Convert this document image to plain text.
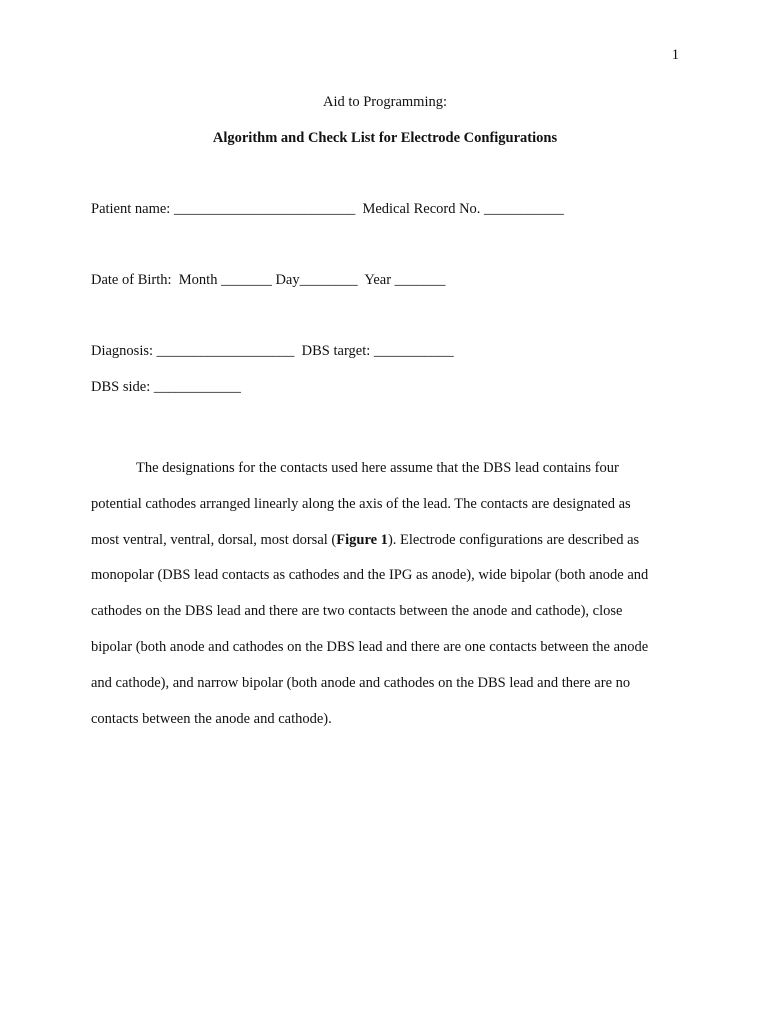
1
Aid to Programming:
Algorithm and Check List for Electrode Configurations
Patient name: _________________________  Medical Record No. ___________
Date of Birth:  Month _______ Day________  Year _______
Diagnosis: ___________________  DBS target: ___________
DBS side: ____________
The designations for the contacts used here assume that the DBS lead contains four
potential cathodes arranged linearly along the axis of the lead. The contacts are designated as
most ventral, ventral, dorsal, most dorsal (Figure 1). Electrode configurations are described as
monopolar (DBS lead contacts as cathodes and the IPG as anode), wide bipolar (both anode and
cathodes on the DBS lead and there are two contacts between the anode and cathode), close
bipolar (both anode and cathodes on the DBS lead and there are one contacts between the anode
and cathode), and narrow bipolar (both anode and cathodes on the DBS lead and there are no
contacts between the anode and cathode).
